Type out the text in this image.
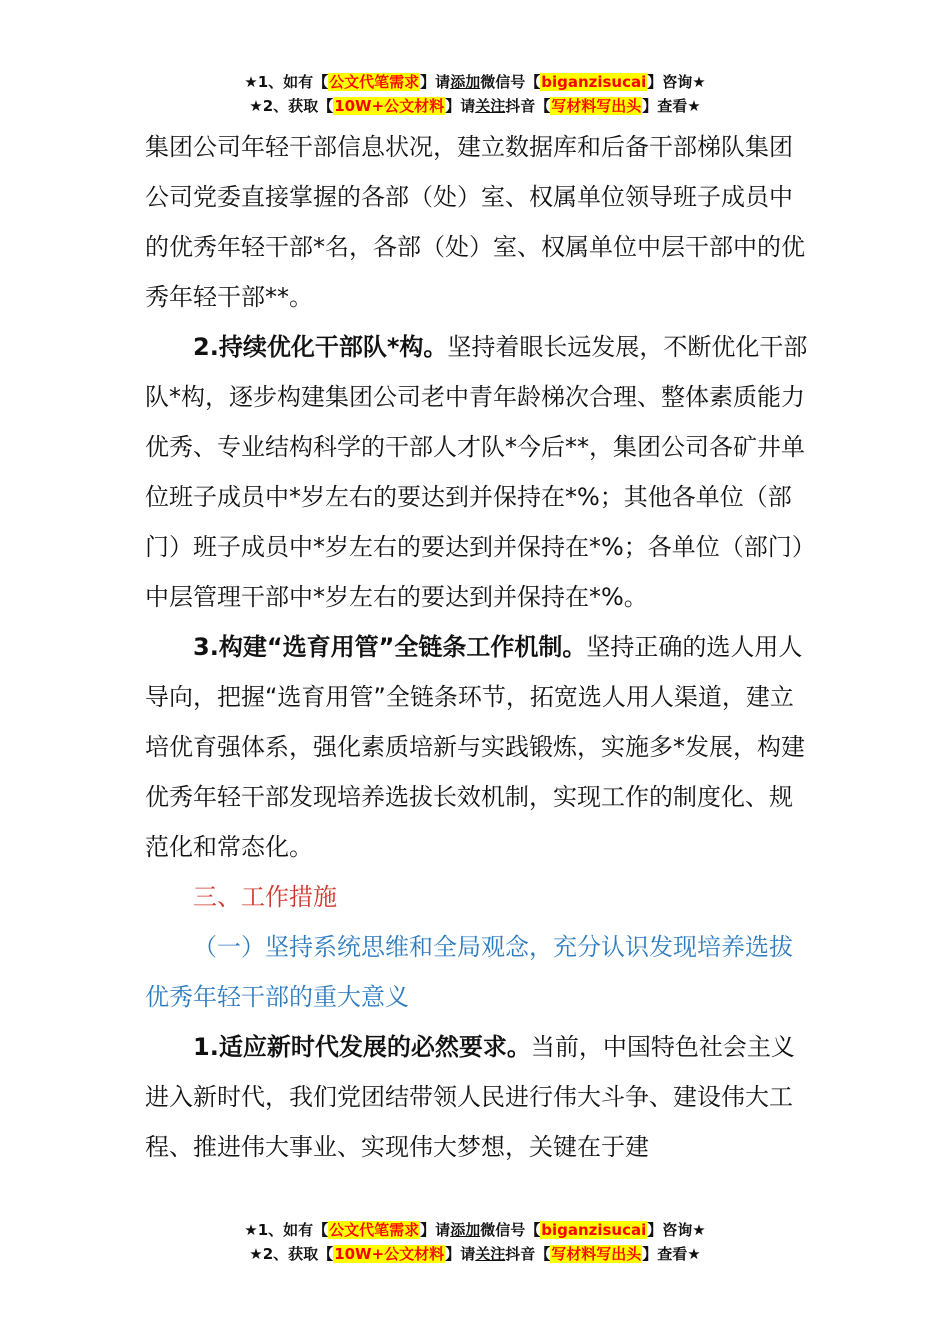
★1、如有【公文代笔需求】请添加微信号【biganzisucai】咨询★
★2、获取【10W+公文材料】请关注抖音【写材料写出头】查看★

集团公司年轻干部信息状况，建立数据库和后备干部梯队集团公司党委直接掌握的各部（处）室、权属单位领导班子成员中的优秀年轻干部*名，各部（处）室、权属单位中层干部中的优秀年轻干部**。

2.持续优化干部队*构。坚持着眼长远发展，不断优化干部队*构，逐步构建集团公司老中青年龄梯次合理、整体素质能力优秀、专业结构科学的干部人才队*今后**，集团公司各矿井单位班子成员中*岁左右的要达到并保持在*%；其他各单位（部门）班子成员中*岁左右的要达到并保持在*%；各单位（部门）中层管理干部中*岁左右的要达到并保持在*%。

3.构建“选育用管”全链条工作机制。坚持正确的选人用人导向，把握“选育用管”全链条环节，拓宽选人用人渠道，建立培优育强体系，强化素质培新与实践锻炼，实施多*发展，构建优秀年轻干部发现培养选拔长效机制，实现工作的制度化、规范化和常态化。

三、工作措施

（一）坚持系统思维和全局观念，充分认识发现培养选拔优秀年轻干部的重大意义

1.适应新时代发展的必然要求。当前，中国特色社会主义进入新时代，我们党团结带领人民进行伟大斗争、建设伟大工程、推进伟大事业、实现伟大梦想，关键在于建

★1、如有【公文代笔需求】请添加微信号【biganzisucai】咨询★
★2、获取【10W+公文材料】请关注抖音【写材料写出头】查看★
